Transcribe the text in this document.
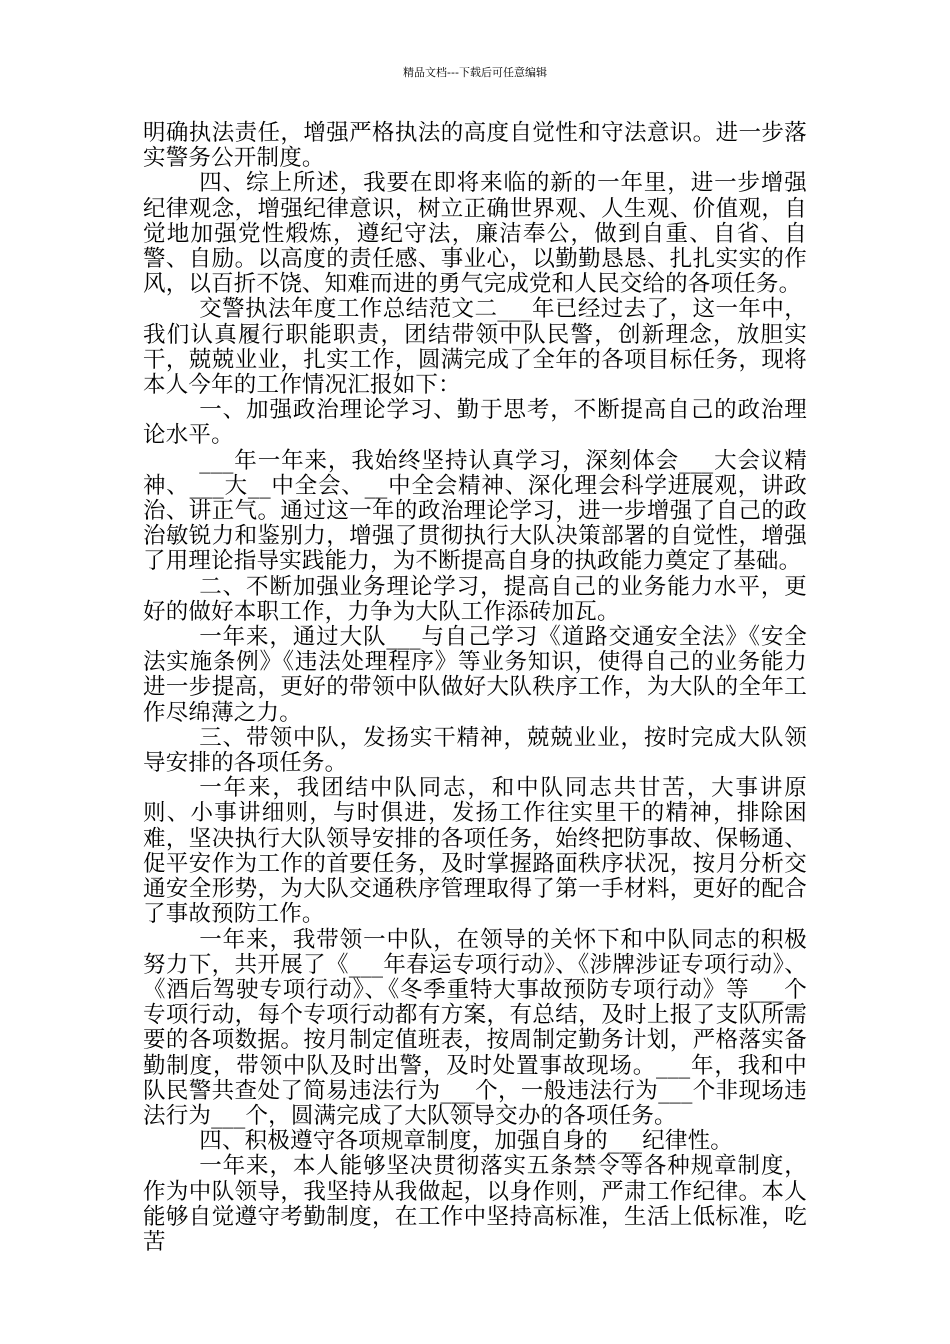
精品文档---下载后可任意编辑

明确执法责任，增强严格执法的高度自觉性和守法意识。进一步落实警务公开制度。

四、综上所述，我要在即将来临的新的一年里，进一步增强纪律观念，增强纪律意识，树立正确世界观、人生观、价值观，自觉地加强党性煅炼，遵纪守法，廉洁奉公，做到自重、自省、自警、自励。以高度的责任感、事业心，以勤勤恳恳、扎扎实实的作风，以百折不饶、知难而进的勇气完成党和人民交给的各项任务。

交警执法年度工作总结范文二___年已经过去了，这一年中，我们认真履行职能职责，团结带领中队民警，创新理念，放胆实干，兢兢业业，扎实工作，圆满完成了全年的各项目标任务，现将本人今年的工作情况汇报如下：

一、加强政治理论学习、勤于思考，不断提高自己的政治理论水平。

___年一年来，我始终坚持认真学习，深刻体会___大会议精神、___大__中全会、__中全会精神、深化理会科学进展观，讲政治、讲正气。通过这一年的政治理论学习，进一步增强了自己的政治敏锐力和鉴别力，增强了贯彻执行大队决策部署的自觉性，增强了用理论指导实践能力，为不断提高自身的执政能力奠定了基础。

二、不断加强业务理论学习，提高自己的业务能力水平，更好的做好本职工作，力争为大队工作添砖加瓦。

一年来，通过大队___与自己学习《道路交通安全法》《安全法实施条例》《违法处理程序》等业务知识，使得自己的业务能力进一步提高，更好的带领中队做好大队秩序工作，为大队的全年工作尽绵薄之力。

三、带领中队，发扬实干精神，兢兢业业，按时完成大队领导安排的各项任务。

一年来，我团结中队同志，和中队同志共甘苦，大事讲原则、小事讲细则，与时俱进，发扬工作往实里干的精神，排除困难，坚决执行大队领导安排的各项任务，始终把防事故、保畅通、促平安作为工作的首要任务，及时掌握路面秩序状况，按月分析交通安全形势，为大队交通秩序管理取得了第一手材料，更好的配合了事故预防工作。

一年来，我带领一中队，在领导的关怀下和中队同志的积极努力下，共开展了《___年春运专项行动》、《涉牌涉证专项行动》、《酒后驾驶专项行动》、《冬季重特大事故预防专项行动》等___个专项行动，每个专项行动都有方案，有总结，及时上报了支队所需要的各项数据。按月制定值班表，按周制定勤务计划，严格落实备勤制度，带领中队及时出警，及时处置事故现场。___年，我和中队民警共查处了简易违法行为___个，一般违法行为___个非现场违法行为___个，圆满完成了大队领导交办的各项任务。

四、积极遵守各项规章制度，加强自身的___纪律性。

一年来，本人能够坚决贯彻落实五条禁令等各种规章制度，作为中队领导，我坚持从我做起，以身作则，严肃工作纪律。本人能够自觉遵守考勤制度，在工作中坚持高标准，生活上低标准，吃苦
